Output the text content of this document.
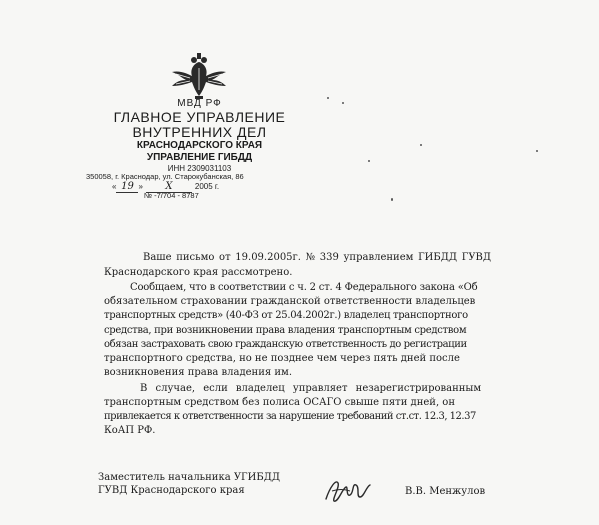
МВД РФ
ГЛАВНОЕ УПРАВЛЕНИЕ
ВНУТРЕННИХ ДЕЛ
КРАСНОДАРСКОГО КРАЯ
УПРАВЛЕНИЕ ГИБДД
ИНН 2309031103
350058, г. Краснодар, ул. Старокубанская, 86
« 19 » X	2005 г.
№ -7/704 - 8787
Ваше письмо от 19.09.2005г. № 339 управлением ГИБДД ГУВД
Краснодарского края рассмотрено.
Сообщаем, что в соответствии с ч. 2 ст. 4 Федерального закона «Об
обязательном страховании гражданской ответственности владельцев
транспортных средств» (40-ФЗ от 25.04.2002г.) владелец транспортного
средства, при возникновении права владения транспортным средством
обязан застраховать свою гражданскую ответственность до регистрации
транспортного средства, но не позднее чем через пять дней после
возникновения права владения им.
В случае, если владелец управляет незарегистрированным
транспортным средством без полиса ОСАГО свыше пяти дней, он
привлекается к ответственности за нарушение требований ст.ст. 12.3, 12.37
КоАП РФ.
Заместитель начальника УГИБДД
ГУВД Краснодарского края	В.В. Менжулов
